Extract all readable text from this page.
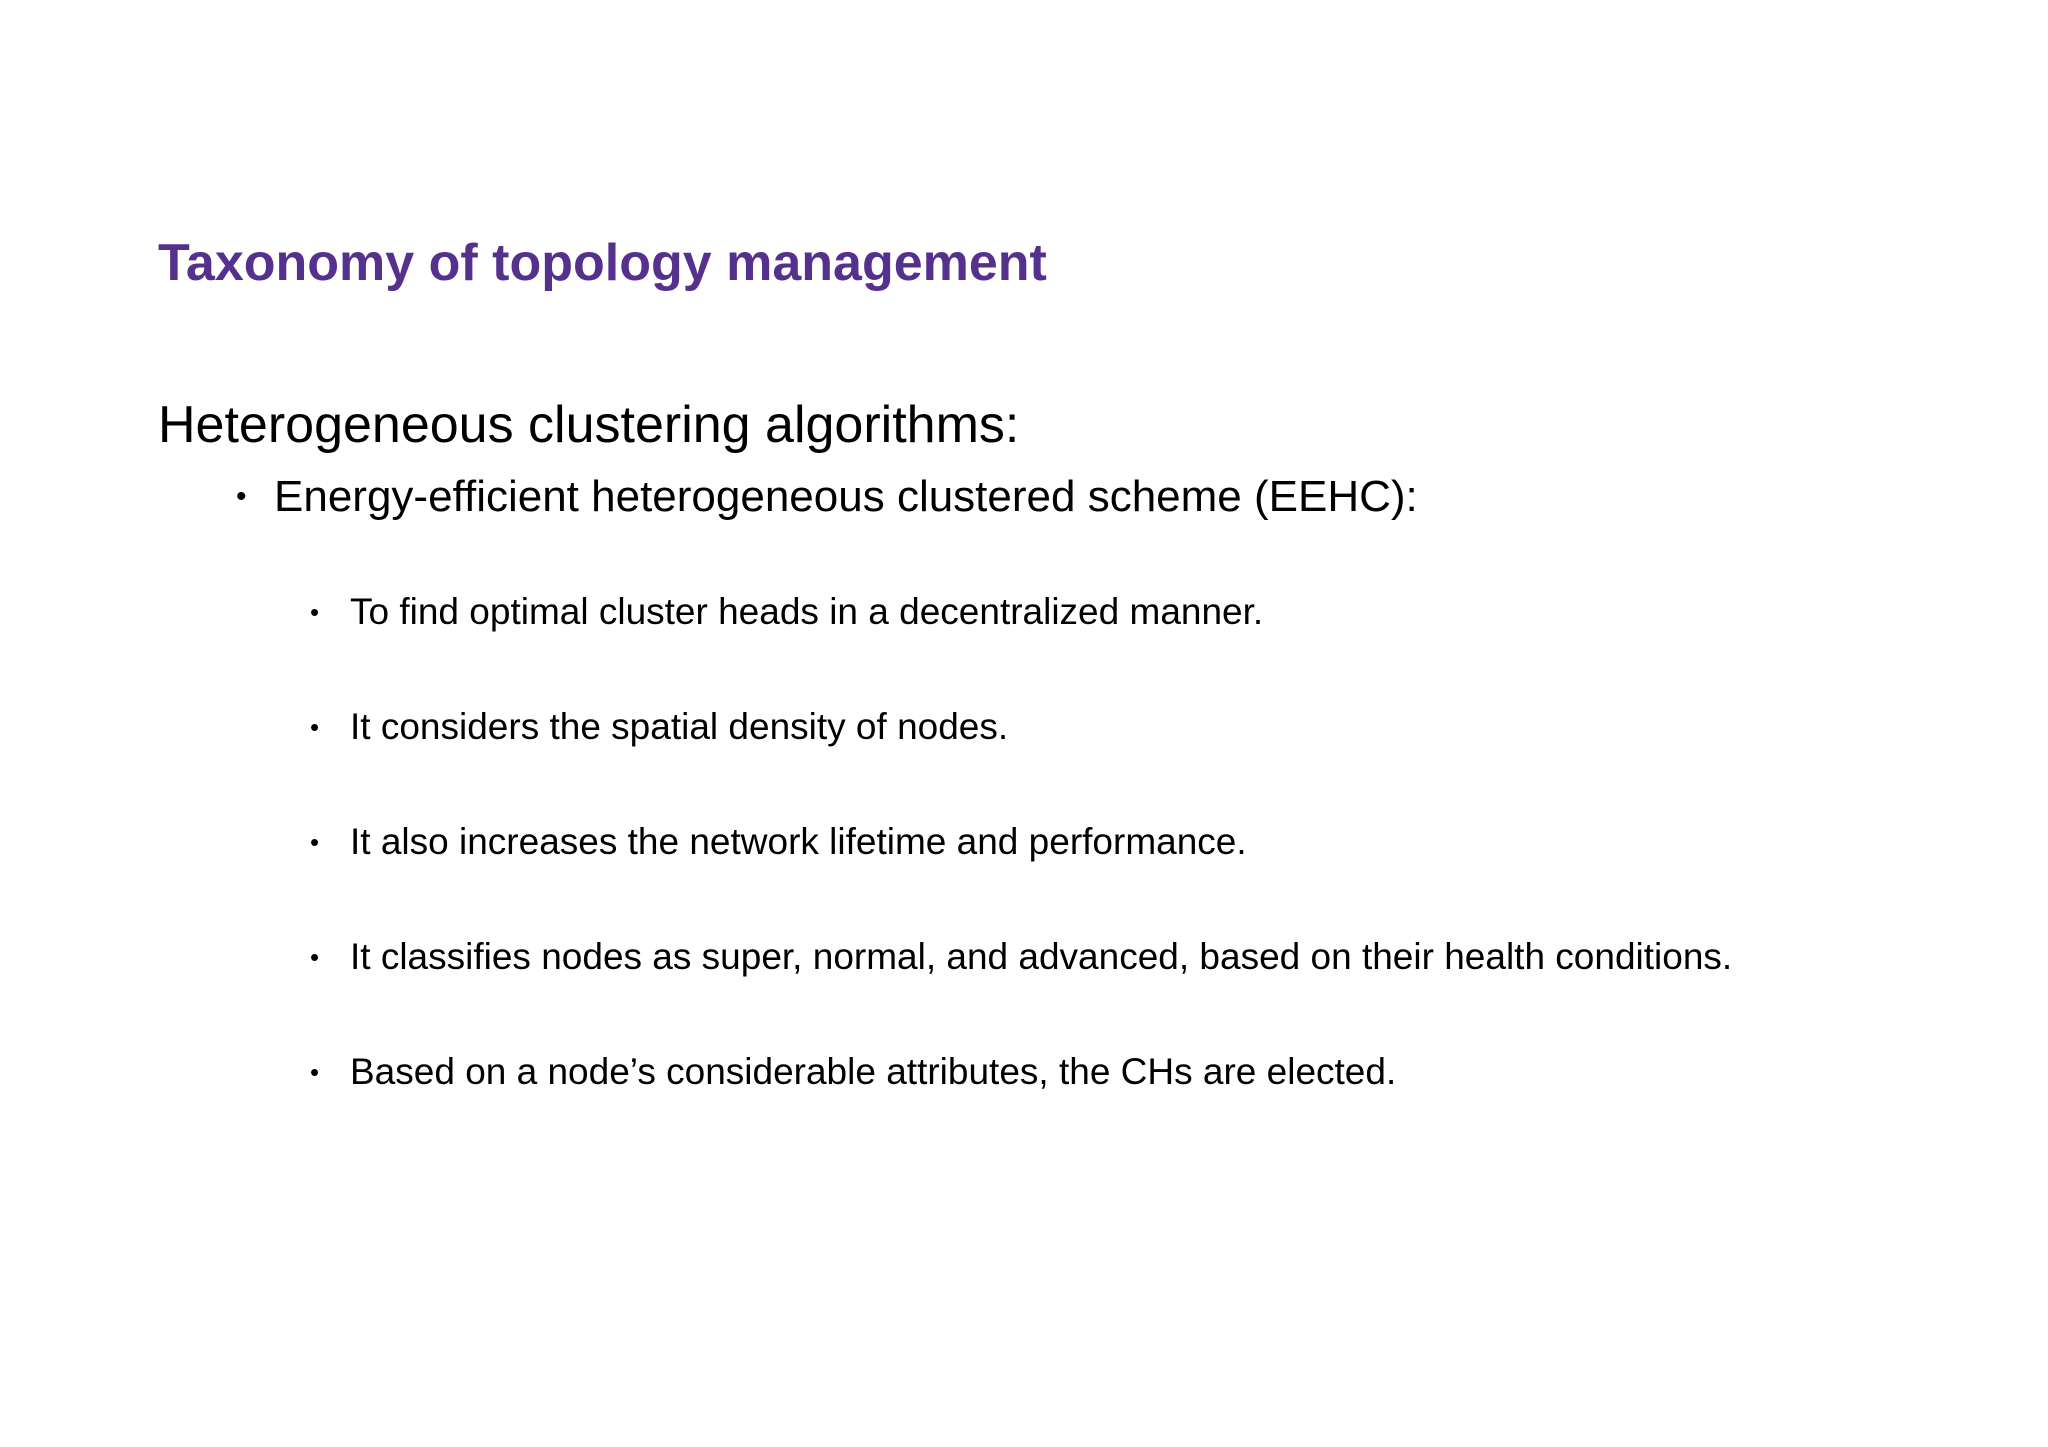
Taxonomy of topology management
Heterogeneous clustering algorithms:
• Energy-efficient heterogeneous clustered scheme (EEHC):
• To find optimal cluster heads in a decentralized manner.
• It considers the spatial density of nodes.
• It also increases the network lifetime and performance.
• It classifies nodes as super, normal, and advanced, based on their health conditions.
• Based on a node’s considerable attributes, the CHs are elected.
